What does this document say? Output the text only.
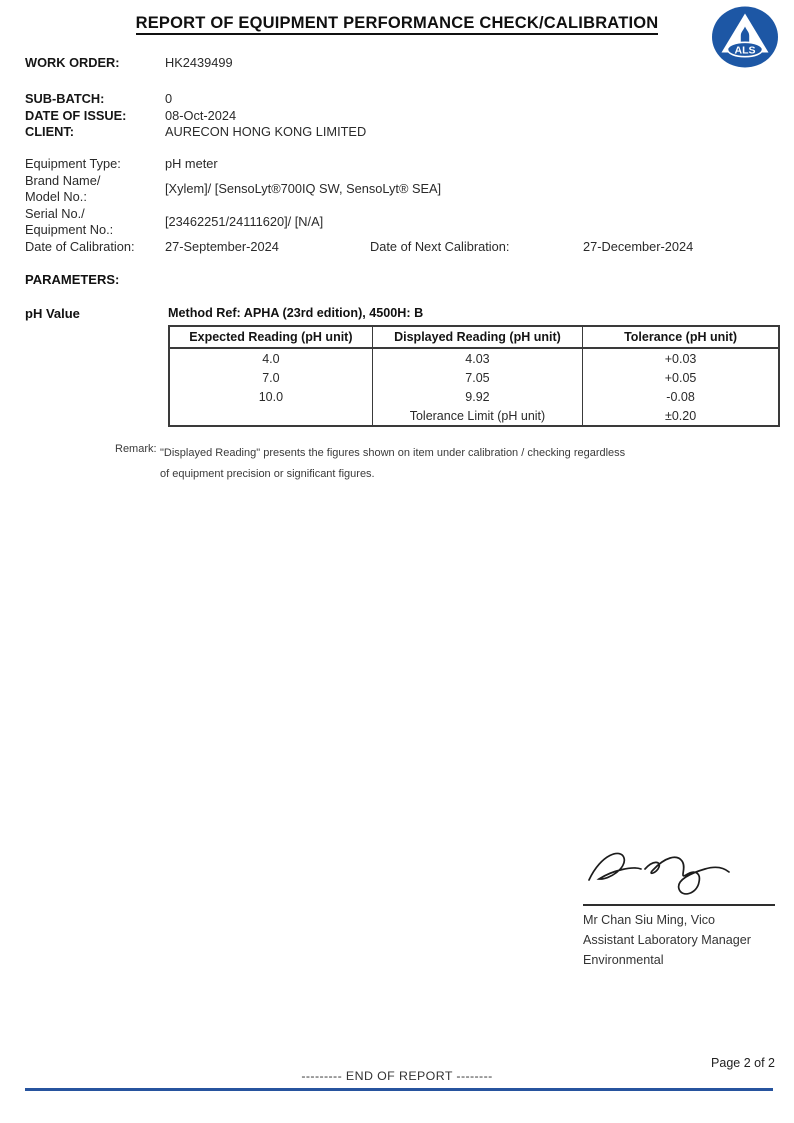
REPORT OF EQUIPMENT PERFORMANCE CHECK/CALIBRATION
ALS
WORK ORDER:	HK2439499
SUB-BATCH:	0
DATE OF ISSUE:	08-Oct-2024
CLIENT:	AURECON HONG KONG LIMITED
Equipment Type:	pH meter
Brand Name/
Model No.:
[Xylem]/ [SensoLyt®700IQ SW, SensoLyt® SEA]
Serial No./
Equipment No.:
[23462251/24111620]/ [N/A]
Date of Calibration:	27-September-2024	Date of Next Calibration:	27-December-2024
PARAMETERS:
pH Value	Method Ref: APHA (23rd edition), 4500H: B
Expected Reading (pH unit)	Displayed Reading (pH unit)	Tolerance (pH unit)
4.0	4.03	+0.03
7.0	7.05	+0.05
10.0	9.92	-0.08
	Tolerance Limit (pH unit)	±0.20
Remark: "Displayed Reading" presents the figures shown on item under calibration / checking regardless
of equipment precision or significant figures.
Mr Chan Siu Ming, Vico
Assistant Laboratory Manager
Environmental
Page 2 of 2
--------- END OF REPORT --------
